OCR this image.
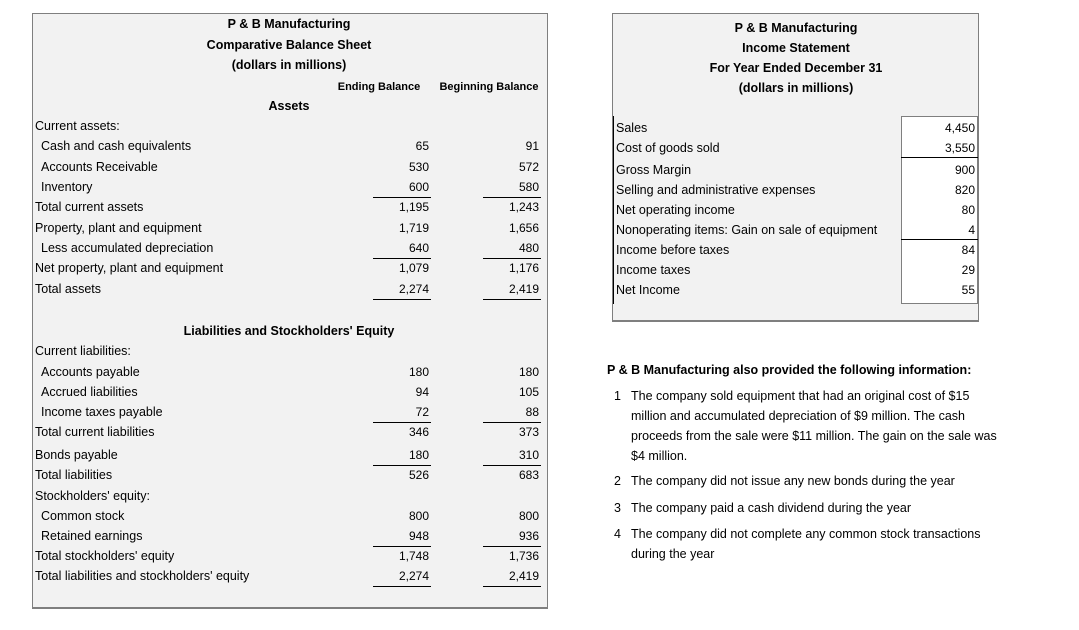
P & B Manufacturing
Comparative Balance Sheet
(dollars in millions)
Ending Balance Beginning Balance
Assets
Current assets:
Cash and cash equivalents	65	91
Accounts Receivable	530	572
Inventory	600	580
Total current assets	1,195	1,243
Property, plant and equipment	1,719	1,656
Less accumulated depreciation	640	480
Net property, plant and equipment	1,079	1,176
Total assets	2,274	2,419
Liabilities and Stockholders' Equity
Current liabilities:
Accounts payable	180	180
Accrued liabilities	94	105
Income taxes payable	72	88
Total current liabilities	346	373
Bonds payable	180	310
Total liabilities	526	683
Stockholders' equity:
Common stock	800	800
Retained earnings	948	936
Total stockholders' equity	1,748	1,736
Total liabilities and stockholders' equity	2,274	2,419
P & B Manufacturing
Income Statement
For Year Ended December 31
(dollars in millions)
Sales	4,450
Cost of goods sold	3,550
Gross Margin	900
Selling and administrative expenses	820
Net operating income	80
Nonoperating items: Gain on sale of equipment	4
Income before taxes	84
Income taxes	29
Net Income	55
P & B Manufacturing also provided the following information:
1 The company sold equipment that had an original cost of $15
million and accumulated depreciation of $9 million. The cash
proceeds from the sale were $11 million. The gain on the sale was
$4 million.
2 The company did not issue any new bonds during the year
3 The company paid a cash dividend during the year
4 The company did not complete any common stock transactions
during the year
